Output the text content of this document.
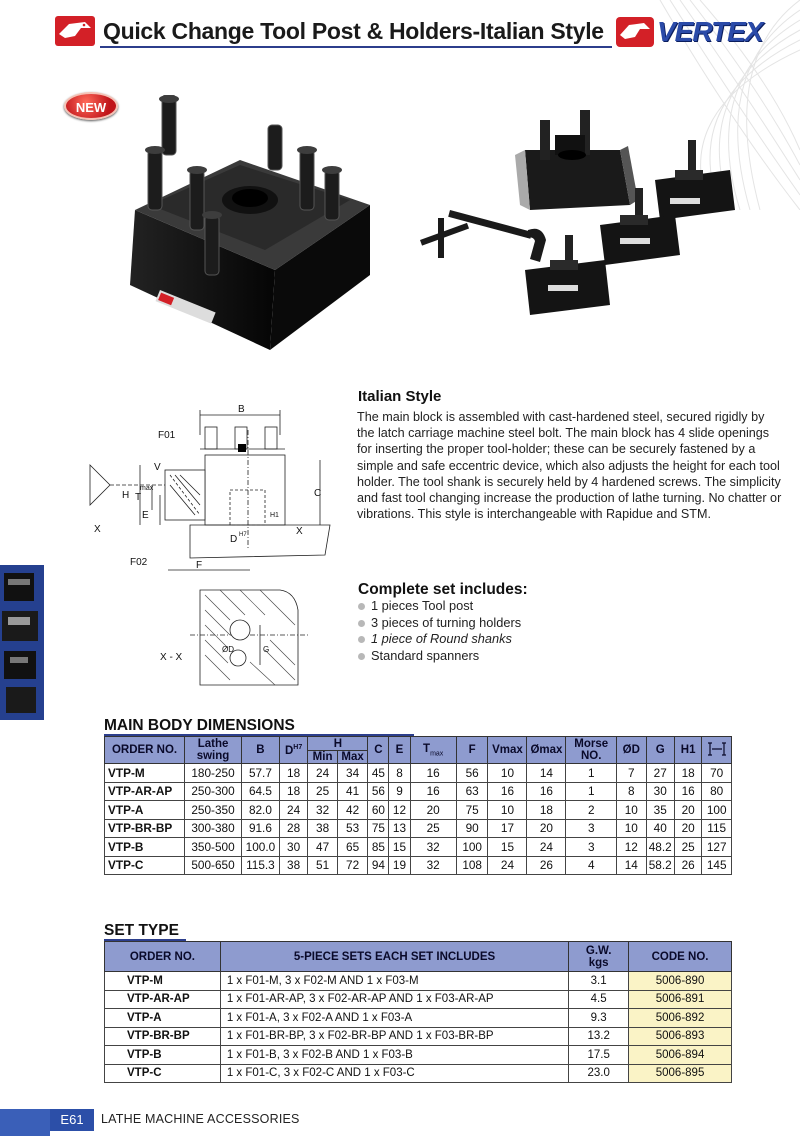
Quick Change Tool Post & Holders-Italian Style VERTEX
NEW
B
F01
F02
V
H T
max
E
X	X
C
D H7
H1
F
X - X
ØD	G
Italian Style
The main block is assembled with cast-hardened steel, secured rigidly by the latch carriage machine steel bolt. The main block has 4 slide openings for inserting the proper tool-holder; these can be securely fastened by a simple and safe eccentric device, which also adjusts the height for each tool holder. The tool shank is securely held by 4 hardened screws. The simplicity and fast tool changing increase the production of lathe turning. No chatter or vibrations. This style is interchangeable with Rapidue and STM.
Complete set includes:
1 pieces Tool post
3 pieces of turning holders
1 piece of Round shanks
Standard spanners
MAIN BODY DIMENSIONS
ORDER NO.	Lathe
swing	B	$D^{H7}$	H		C	E	$T_{max}$	F	Vmax	Ømax	Morse
NO.	ØD	G	H1	
				Min	Max											
VTP-M	180-250	57.7	18	24	34	45	8	16	56	10	14	1	7	27	18	70
VTP-AR-AP	250-300	64.5	18	25	41	56	9	16	63	16	16	1	8	30	16	80
VTP-A	250-350	82.0	24	32	42	60	12	20	75	10	18	2	10	35	20	100
VTP-BR-BP	300-380	91.6	28	38	53	75	13	25	90	17	20	3	10	40	20	115
VTP-B	350-500	100.0	30	47	65	85	15	32	100	15	24	3	12	48.2	25	127
VTP-C	500-650	115.3	38	51	72	94	19	32	108	24	26	4	14	58.2	26	145
SET TYPE
ORDER NO.	5-PIECE SETS EACH SET INCLUDES	G.W.
kgs	CODE NO.
VTP-M	1 x F01-M, 3 x F02-M AND 1 x F03-M	3.1	5006-890
VTP-AR-AP	1 x F01-AR-AP, 3 x F02-AR-AP AND 1 x F03-AR-AP	4.5	5006-891
VTP-A	1 x F01-A, 3 x F02-A AND 1 x F03-A	9.3	5006-892
VTP-BR-BP	1 x F01-BR-BP, 3 x F02-BR-BP AND 1 x F03-BR-BP	13.2	5006-893
VTP-B	1 x F01-B, 3 x F02-B AND 1 x F03-B	17.5	5006-894
VTP-C	1 x F01-C, 3 x F02-C AND 1 x F03-C	23.0	5006-895
E61	LATHE MACHINE ACCESSORIES
